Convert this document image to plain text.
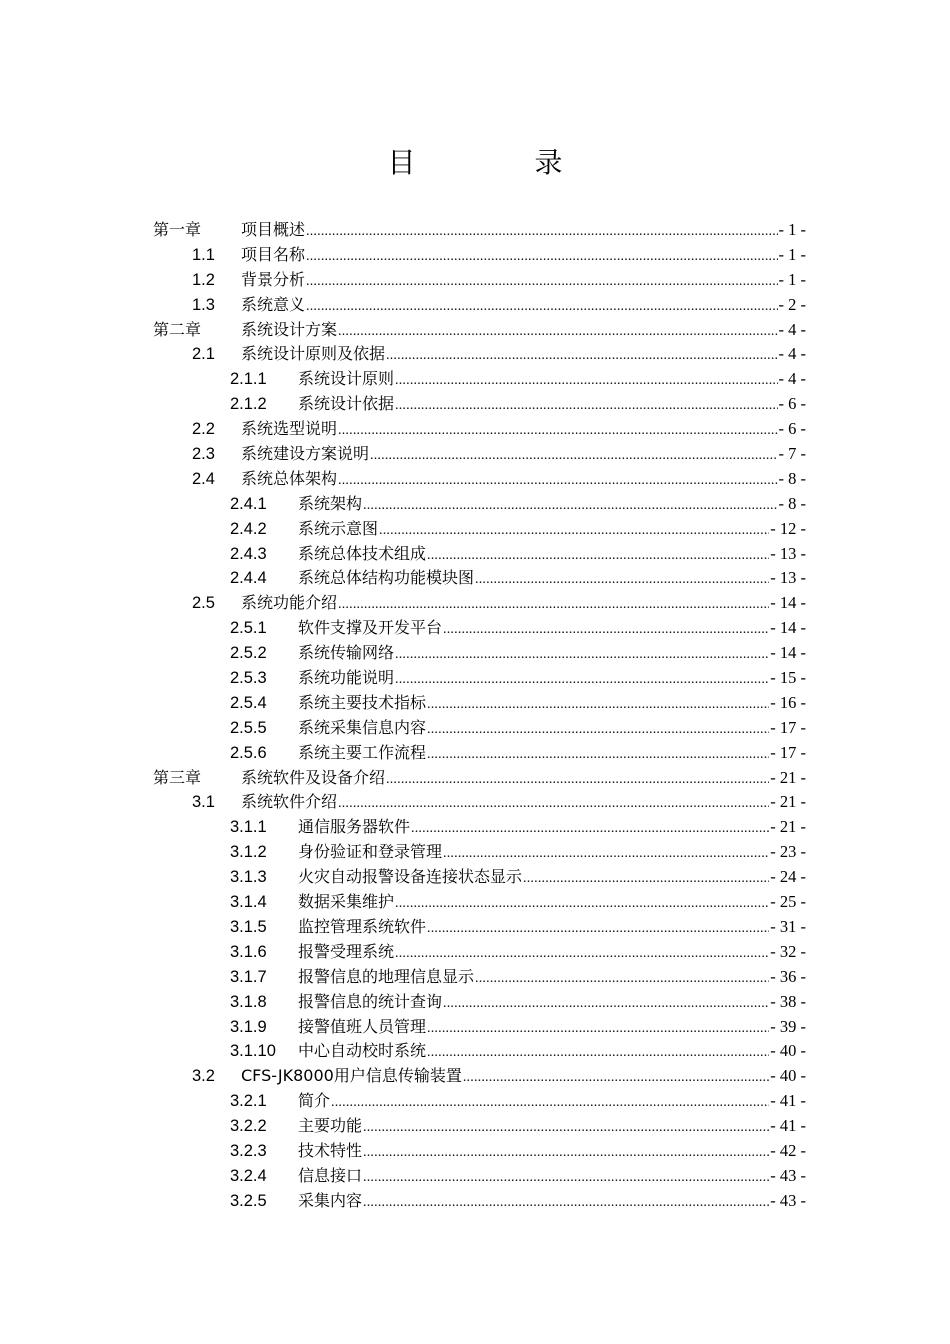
目 录
第一章 项目概述 .....	- 1 -
1.1 项目名称 .....	- 1 -
1.2 背景分析 .....	- 1 -
1.3 系统意义 .....	- 2 -
第二章 系统设计方案 .....	- 4 -
2.1 系统设计原则及依据 .....	- 4 -
2.1.1 系统设计原则 .....	- 4 -
2.1.2 系统设计依据 .....	- 6 -
2.2 系统选型说明 .....	- 6 -
2.3 系统建设方案说明 .....	- 7 -
2.4 系统总体架构 .....	- 8 -
2.4.1 系统架构 .....	- 8 -
2.4.2 系统示意图 .....	- 12 -
2.4.3 系统总体技术组成 .....	- 13 -
2.4.4 系统总体结构功能模块图 .....	- 13 -
2.5 系统功能介绍 .....	- 14 -
2.5.1 软件支撑及开发平台 .....	- 14 -
2.5.2 系统传输网络 .....	- 14 -
2.5.3 系统功能说明 .....	- 15 -
2.5.4 系统主要技术指标 .....	- 16 -
2.5.5 系统采集信息内容 .....	- 17 -
2.5.6 系统主要工作流程 .....	- 17 -
第三章 系统软件及设备介绍 .....	- 21 -
3.1 系统软件介绍 .....	- 21 -
3.1.1 通信服务器软件 .....	- 21 -
3.1.2 身份验证和登录管理 .....	- 23 -
3.1.3 火灾自动报警设备连接状态显示 .....	- 24 -
3.1.4 数据采集维护 .....	- 25 -
3.1.5 监控管理系统软件 .....	- 31 -
3.1.6 报警受理系统 .....	- 32 -
3.1.7 报警信息的地理信息显示 .....	- 36 -
3.1.8 报警信息的统计查询 .....	- 38 -
3.1.9 接警值班人员管理 .....	- 39 -
3.1.10 中心自动校时系统 .....	- 40 -
3.2 CFS-JK8000用户信息传输装置 .....	- 40 -
3.2.1 简介 .....	- 41 -
3.2.2 主要功能 .....	- 41 -
3.2.3 技术特性 .....	- 42 -
3.2.4 信息接口 .....	- 43 -
3.2.5 采集内容 .....	- 43 -
